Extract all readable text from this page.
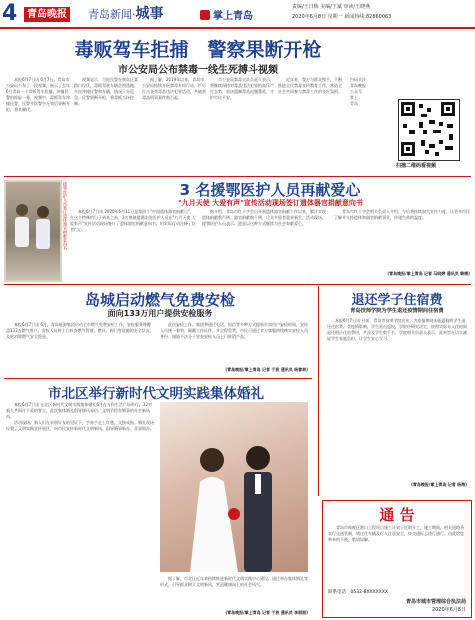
4 青岛晚报 青岛新闻·城事	掌上青岛
责编/王日梅 美编/王斌 审读/王晓燕
2020年6月8日 星期一 新闻热线:82860063
毒贩驾车拒捕　警察果断开枪
市公安局公布禁毒一线生死搏斗视频

本报6月7日讯 6月7日，青岛市公安局公布了一段视频，展示了去年6月青岛一个毒贩驾车拒捕、冲撞民警的惊险一幕。视频中，毒贩驾车冲撞民警，民警多次警告无效后果断开枪，将其制伏。

视频显示，当时民警在黄岛区某路口设伏，毒贩驾驶车辆企图逃跑，多次冲撞民警和车辆，情况十分危急。民警果断开枪，将毒贩当场控制。

据了解，2019年以来，青岛市公安局持续开展禁毒专项行动，严厉打击各类毒品违法犯罪活动，共破获毒品刑事案件数百起。

市公安局禁毒支队负责人表示，将继续保持对毒品违法犯罪的高压严打态势，坚决遏制毒品问题蔓延，守护市民平安。

近年来，警方与群众携手，不断推进全民禁毒宣传教育工作，营造全社会共同参与禁毒工作的良好氛围。

扫码关注

青岛晚报

公众号

掌上

青岛

扫描二维码看视频
援鄂医护人员签订遗体器官捐献意向书	3 名援鄂医护人员再献爱心
"九月天使 大爱有声"宣传活动现场签订遗体器官捐献意向书

本报6月7日讯 2020年6月11日是第四个"中国遗体器官捐献日"。在这个特殊的日子到来之前，3名曾驰援湖北的医护人员在"九月天使 大爱有声"宣传活动现场签订了遗体器官捐献意向书，用实际行动诠释了医者仁心。

据介绍，青岛市红十字会自开展遗体器官捐献工作以来，累计实现遗体捐献数百例、器官捐献数十例，让众多患者重获新生。活动现场，援鄂医护人员表示，愿意以这种方式继续为社会奉献爱心。

青岛市红十字会相关负责人介绍，今后将持续加大宣传力度，让更多市民了解并支持遗体和器官捐献事业，传递生命的温度。

(青岛晚报/掌上青岛 记者 马晓婷 通讯员 韩梅)
岛城启动燃气免费安检
面向133万用户提供安检服务

本报6月7日讯 6月，青岛能源集团启动全市燃气免费安检工作，安检服务将覆盖133万燃气用户。安检人员将上门检查燃气管道、燃具、阀门等设施的安全状况，及时消除燃气安全隐患。

此次安检工作，集团将通过电话、短信等多种方式提前告知用户安检时间，安检人员统一着装、佩戴工作证件，并全程免费，市民可通过官方客服热线核实安检人员身份，谨防不法分子冒充安检人员上门推销产品。

(青岛晚报/掌上青岛 记者 于波 通讯员 杨春林)
退还学子住宿费
青岛技师学院为学生退还疫情期间住宿费

本报6月7日讯 日前，青岛市技师学院宣布，为疫情期间未能返校的学生退还住宿费。受疫情影响，学生延迟返校，学院经研究决定，按照实际未入住时间退还相应住宿费用，共涉及学生数千名。学院相关负责人表示，此举旨在切实减轻学生家庭负担，让学生安心学习。

(青岛晚报/掌上青岛 记者 杨海)
市北区举行新时代文明实践集体婚礼

本报6月7日讯 在北区新时代文明实践集体婚礼6月在万科生活广场举行，32对新人共同许下爱的誓言。此次集体婚礼倡导移风易俗、文明节俭办婚事的社会新风尚。

活动现场，新人们在亲朋好友的见证下，手牵手走上红毯，交换戒指。婚礼现场设置了文明实践宣传展区，向市民宣传新时代文明新风，倡导婚事新办、喜事简办。

据了解，市北区近年来持续推进新时代文明实践中心建设，通过举办集体婚礼等形式，引导群众树立文明新风，营造健康向上的社会风气。

(青岛晚报/掌上青岛 记者 于波 通讯员 李丽丽)
通 告

青岛市保税区港口工程项目施工计划于近期开工。施工期间，相关道路将实行交通管制，请过往车辆及行人注意安全，按交通标志绕行通行。由此给您带来的不便，敬请谅解。

联系电话：0532-8XXXXXXX
青岛市城市管理综合执法局
2020年6月8日
